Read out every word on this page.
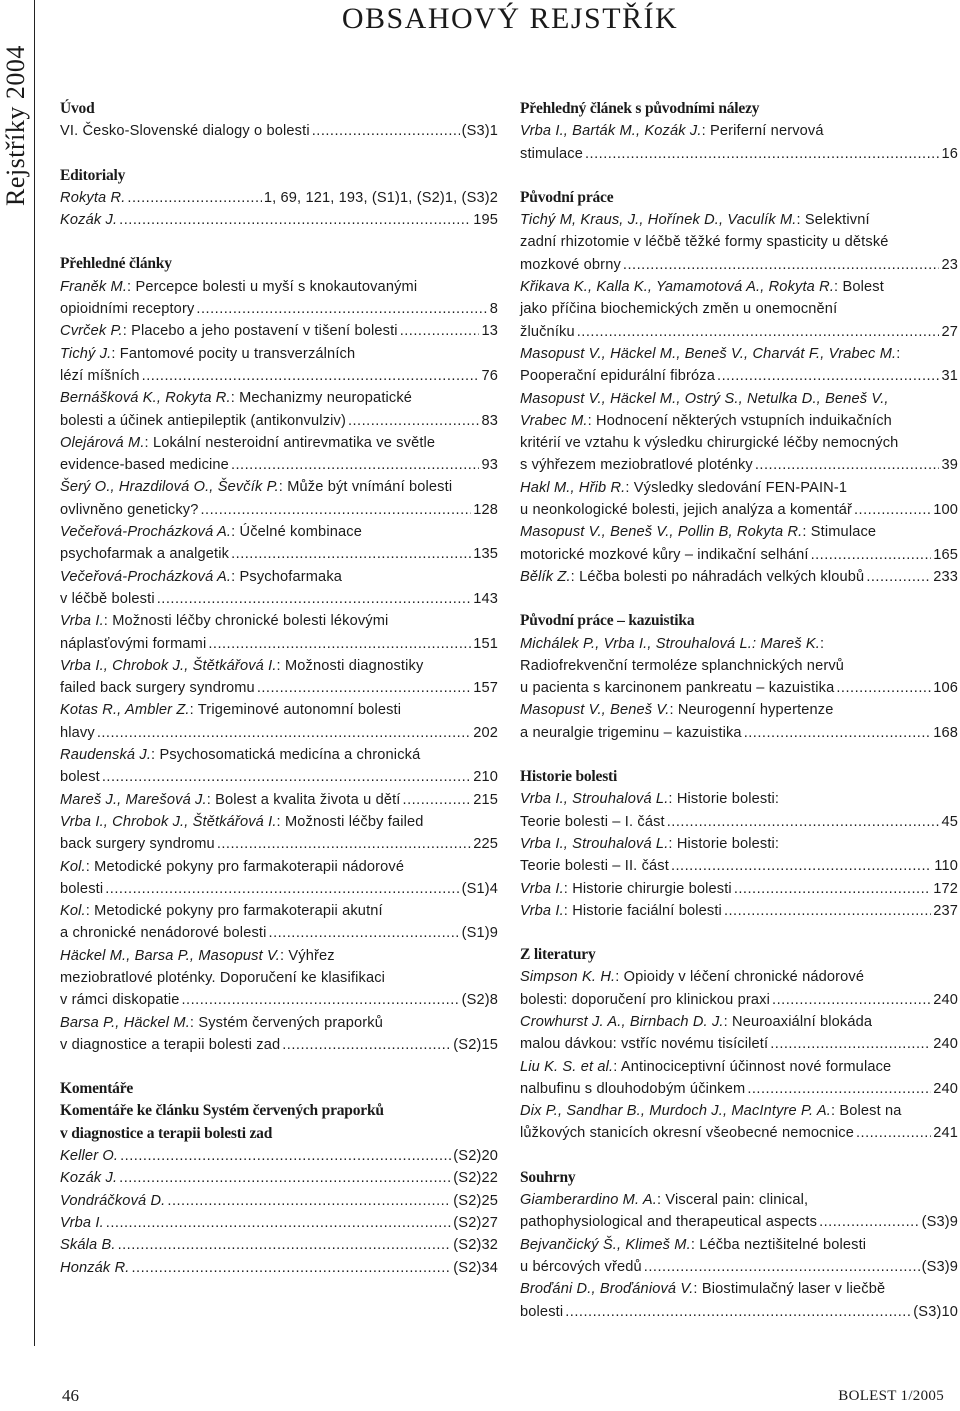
Rejstříky 2004
OBSAHOVÝ REJSTŘÍK
Úvod
VI. Česko-Slovenské dialogy o bolesti .....	(S3)1
Editorialy
Rokyta R. .....	1, 69, 121, 193, (S1)1, (S2)1, (S3)2
Kozák J. .....	195
Přehledné články
Franěk M.: Percepce bolesti u myší s knokautovanými
opioidními receptory .....	8
Cvrček P.: Placebo a jeho postavení v tišení bolesti .....	13
Tichý J.: Fantomové pocity u transverzálních
lézí míšních .....	76
Bernášková K., Rokyta R.: Mechanizmy neuropatické
bolesti a účinek antiepileptik (antikonvulziv) .....	83
Olejárová M.: Lokální nesteroidní antirevmatika ve světle
evidence-based medicine .....	93
Šerý O., Hrazdilová O., Ševčík P.: Může být vnímání bolesti
ovlivněno geneticky? .....	128
Večeřová-Procházková A.: Účelné kombinace
psychofarmak a analgetik .....	135
Večeřová-Procházková A.: Psychofarmaka
v léčbě bolesti .....	143
Vrba I.: Možnosti léčby chronické bolesti lékovými
náplasťovými formami .....	151
Vrba I., Chrobok J., Štětkářová I.: Možnosti diagnostiky
failed back surgery syndromu .....	157
Kotas R., Ambler Z.: Trigeminové autonomní bolesti
hlavy .....	202
Raudenská J.: Psychosomatická medicína a chronická
bolest .....	210
Mareš J., Marešová J.: Bolest a kvalita života u dětí .....	215
Vrba I., Chrobok J., Štětkářová I.: Možnosti léčby failed
back surgery syndromu .....	225
Kol.: Metodické pokyny pro farmakoterapii nádorové
bolesti .....	(S1)4
Kol.: Metodické pokyny pro farmakoterapii akutní
a chronické nenádorové bolesti .....	(S1)9
Häckel M., Barsa P., Masopust V.: Výhřez
meziobratlové ploténky. Doporučení ke klasifikaci
v rámci diskopatie .....	(S2)8
Barsa P., Häckel M.: Systém červených praporků
v diagnostice a terapii bolesti zad .....	(S2)15
Komentáře
Komentáře ke článku Systém červených praporků
v diagnostice a terapii bolesti zad
Keller O. .....	(S2)20
Kozák J. .....	(S2)22
Vondráčková D. .....	(S2)25
Vrba I. .....	(S2)27
Skála B. .....	(S2)32
Honzák R. .....	(S2)34
Přehledný článek s původními nálezy
Vrba I., Barták M., Kozák J.: Periferní nervová
stimulace .....	16
Původní práce
Tichý M, Kraus, J., Hořínek D., Vaculík M.: Selektivní
zadní rhizotomie v léčbě těžké formy spasticity u dětské
mozkové obrny .....	23
Křikava K., Kalla K., Yamamotová A., Rokyta R.: Bolest
jako příčina biochemických změn u onemocnění
žlučníku .....	27
Masopust V., Häckel M., Beneš V., Charvát F., Vrabec M.:
Pooperační epidurální fibróza .....	31
Masopust V., Häckel M., Ostrý S., Netulka D., Beneš V.,
Vrabec M.: Hodnocení některých vstupních induikačních
kritérií ve vztahu k výsledku chirurgické léčby nemocných
s výhřezem meziobratlové ploténky .....	39
Hakl M., Hřib R.: Výsledky sledování FEN-PAIN-1
u neonkologické bolesti, jejich analýza a komentář .....	100
Masopust V., Beneš V., Pollin B, Rokyta R.: Stimulace
motorické mozkové kůry – indikační selhání .....	165
Bělík Z.: Léčba bolesti po náhradách velkých kloubů .....	233
Původní práce – kazuistika
Michálek P., Vrba I., Strouhalová L.: Mareš K.:
Radiofrekvenční termoléze splanchnických nervů
u pacienta s karcinonem pankreatu – kazuistika .....	106
Masopust V., Beneš V.: Neurogenní hypertenze
a neuralgie trigeminu – kazuistika .....	168
Historie bolesti
Vrba I., Strouhalová L.: Historie bolesti:
Teorie bolesti – I. část .....	45
Vrba I., Strouhalová L.: Historie bolesti:
Teorie bolesti – II. část .....	110
Vrba I.: Historie chirurgie bolesti .....	172
Vrba I.: Historie faciální bolesti .....	237
Z literatury
Simpson K. H.: Opioidy v léčení chronické nádorové
bolesti: doporučení pro klinickou praxi .....	240
Crowhurst J. A., Birnbach D. J.: Neuroaxiální blokáda
malou dávkou: vstříc novému tisíciletí .....	240
Liu K. S. et al.: Antinociceptivní účinnost nové formulace
nalbufinu s dlouhodobým účinkem .....	240
Dix P., Sandhar B., Murdoch J., MacIntyre P. A.: Bolest na
lůžkových stanicích okresní všeobecné nemocnice .....	241
Souhrny
Giamberardino M. A.: Visceral pain: clinical,
pathophysiological and therapeutical aspects .....	(S3)9
Bejvančický Š., Klimeš M.: Léčba neztišitelné bolesti
u bércových vředů .....	(S3)9
Broďáni D., Broďániová V.: Biostimulačný laser v liečbě
bolesti .....	(S3)10
46	BOLEST 1/2005
